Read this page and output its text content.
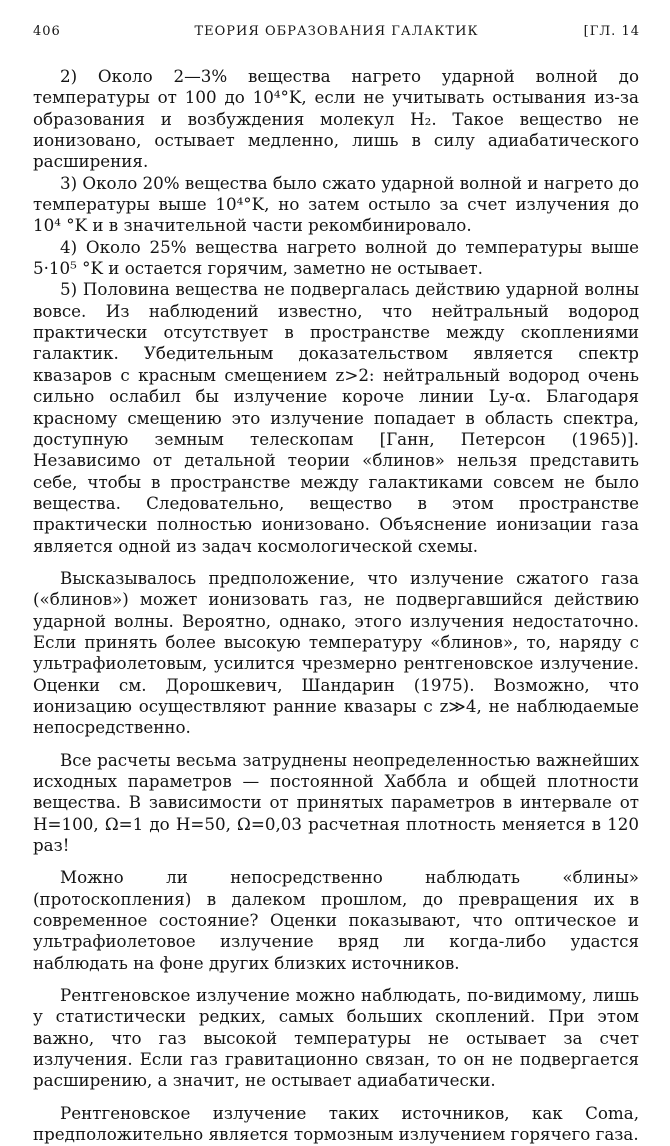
406	ТЕОРИЯ ОБРАЗОВАНИЯ ГАЛАКТИК	[ГЛ. 14

2) Около 2—3% вещества нагрето ударной волной до температуры от 100 до 10⁴°K, если не учитывать остывания из-за образования и возбуждения молекул H₂. Такое вещество не ионизовано, остывает медленно, лишь в силу адиабатического расширения.

3) Около 20% вещества было сжато ударной волной и нагрето до температуры выше 10⁴°K, но затем остыло за счет излучения до 10⁴ °K и в значительной части рекомбинировало.

4) Около 25% вещества нагрето волной до температуры выше 5·10⁵ °K и остается горячим, заметно не остывает.

5) Половина вещества не подвергалась действию ударной волны вовсе. Из наблюдений известно, что нейтральный водород практически отсутствует в пространстве между скоплениями галактик. Убедительным доказательством является спектр квазаров с красным смещением z>2: нейтральный водород очень сильно ослабил бы излучение короче линии Ly-α. Благодаря красному смещению это излучение попадает в область спектра, доступную земным телескопам [Ганн, Петерсон (1965)]. Независимо от детальной теории «блинов» нельзя представить себе, чтобы в пространстве между галактиками совсем не было вещества. Следовательно, вещество в этом пространстве практически полностью ионизовано. Объяснение ионизации газа является одной из задач космологической схемы.

Высказывалось предположение, что излучение сжатого газа («блинов») может ионизовать газ, не подвергавшийся действию ударной волны. Вероятно, однако, этого излучения недостаточно. Если принять более высокую температуру «блинов», то, наряду с ультрафиолетовым, усилится чрезмерно рентгеновское излучение. Оценки см. Дорошкевич, Шандарин (1975). Возможно, что ионизацию осуществляют ранние квазары с z≫4, не наблюдаемые непосредственно.

Все расчеты весьма затруднены неопределенностью важнейших исходных параметров — постоянной Хаббла и общей плотности вещества. В зависимости от принятых параметров в интервале от H=100, Ω=1 до H=50, Ω=0,03 расчетная плотность меняется в 120 раз!

Можно ли непосредственно наблюдать «блины» (протоскопления) в далеком прошлом, до превращения их в современное состояние? Оценки показывают, что оптическое и ультрафиолетовое излучение вряд ли когда-либо удастся наблюдать на фоне других близких источников.

Рентгеновское излучение можно наблюдать, по-видимому, лишь у статистически редких, самых больших скоплений. При этом важно, что газ высокой температуры не остывает за счет излучения. Если газ гравитационно связан, то он не подвергается расширению, а значит, не остывает адиабатически.

Рентгеновское излучение таких источников, как Coma, предположительно является тормозным излучением горячего газа.
